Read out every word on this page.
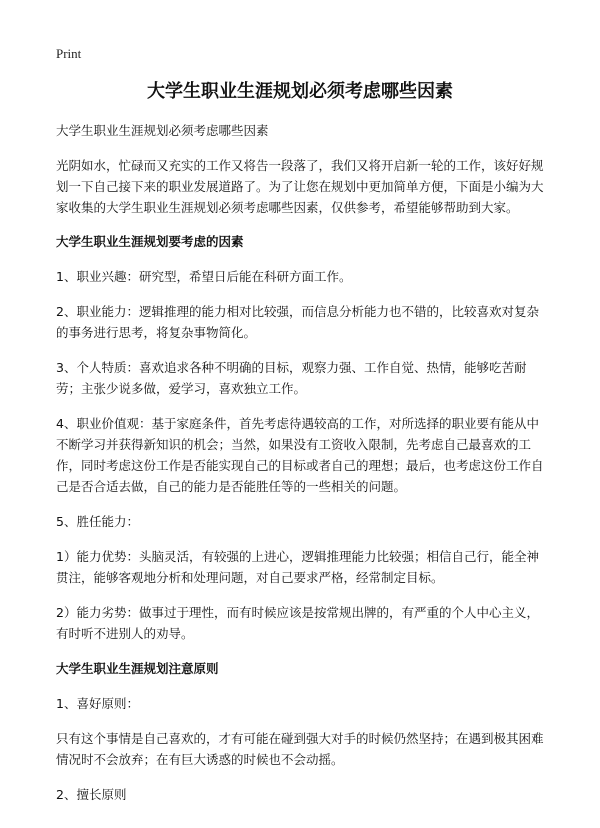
Print
大学生职业生涯规划必须考虑哪些因素

大学生职业生涯规划必须考虑哪些因素

光阴如水，忙碌而又充实的工作又将告一段落了，我们又将开启新一轮的工作，该好好规划一下自己接下来的职业发展道路了。为了让您在规划中更加简单方便，下面是小编为大家收集的大学生职业生涯规划必须考虑哪些因素，仅供参考，希望能够帮助到大家。

大学生职业生涯规划要考虑的因素

1、职业兴趣：研究型，希望日后能在科研方面工作。

2、职业能力：逻辑推理的能力相对比较强，而信息分析能力也不错的，比较喜欢对复杂的事务进行思考，将复杂事物简化。

3、个人特质：喜欢追求各种不明确的目标，观察力强、工作自觉、热情，能够吃苦耐劳；主张少说多做，爱学习，喜欢独立工作。

4、职业价值观：基于家庭条件，首先考虑待遇较高的工作，对所选择的职业要有能从中不断学习并获得新知识的机会；当然，如果没有工资收入限制，先考虑自己最喜欢的工作，同时考虑这份工作是否能实现自己的目标或者自己的理想；最后，也考虑这份工作自己是否合适去做，自己的能力是否能胜任等的一些相关的问题。

5、胜任能力：

1）能力优势：头脑灵活，有较强的上进心，逻辑推理能力比较强；相信自己行，能全神贯注，能够客观地分析和处理问题，对自己要求严格，经常制定目标。

2）能力劣势：做事过于理性，而有时候应该是按常规出牌的，有严重的个人中心主义，有时听不进别人的劝导。

大学生职业生涯规划注意原则

1、喜好原则：

只有这个事情是自己喜欢的，才有可能在碰到强大对手的时候仍然坚持；在遇到极其困难情况时不会放弃；在有巨大诱惑的时候也不会动摇。

2、擅长原则
